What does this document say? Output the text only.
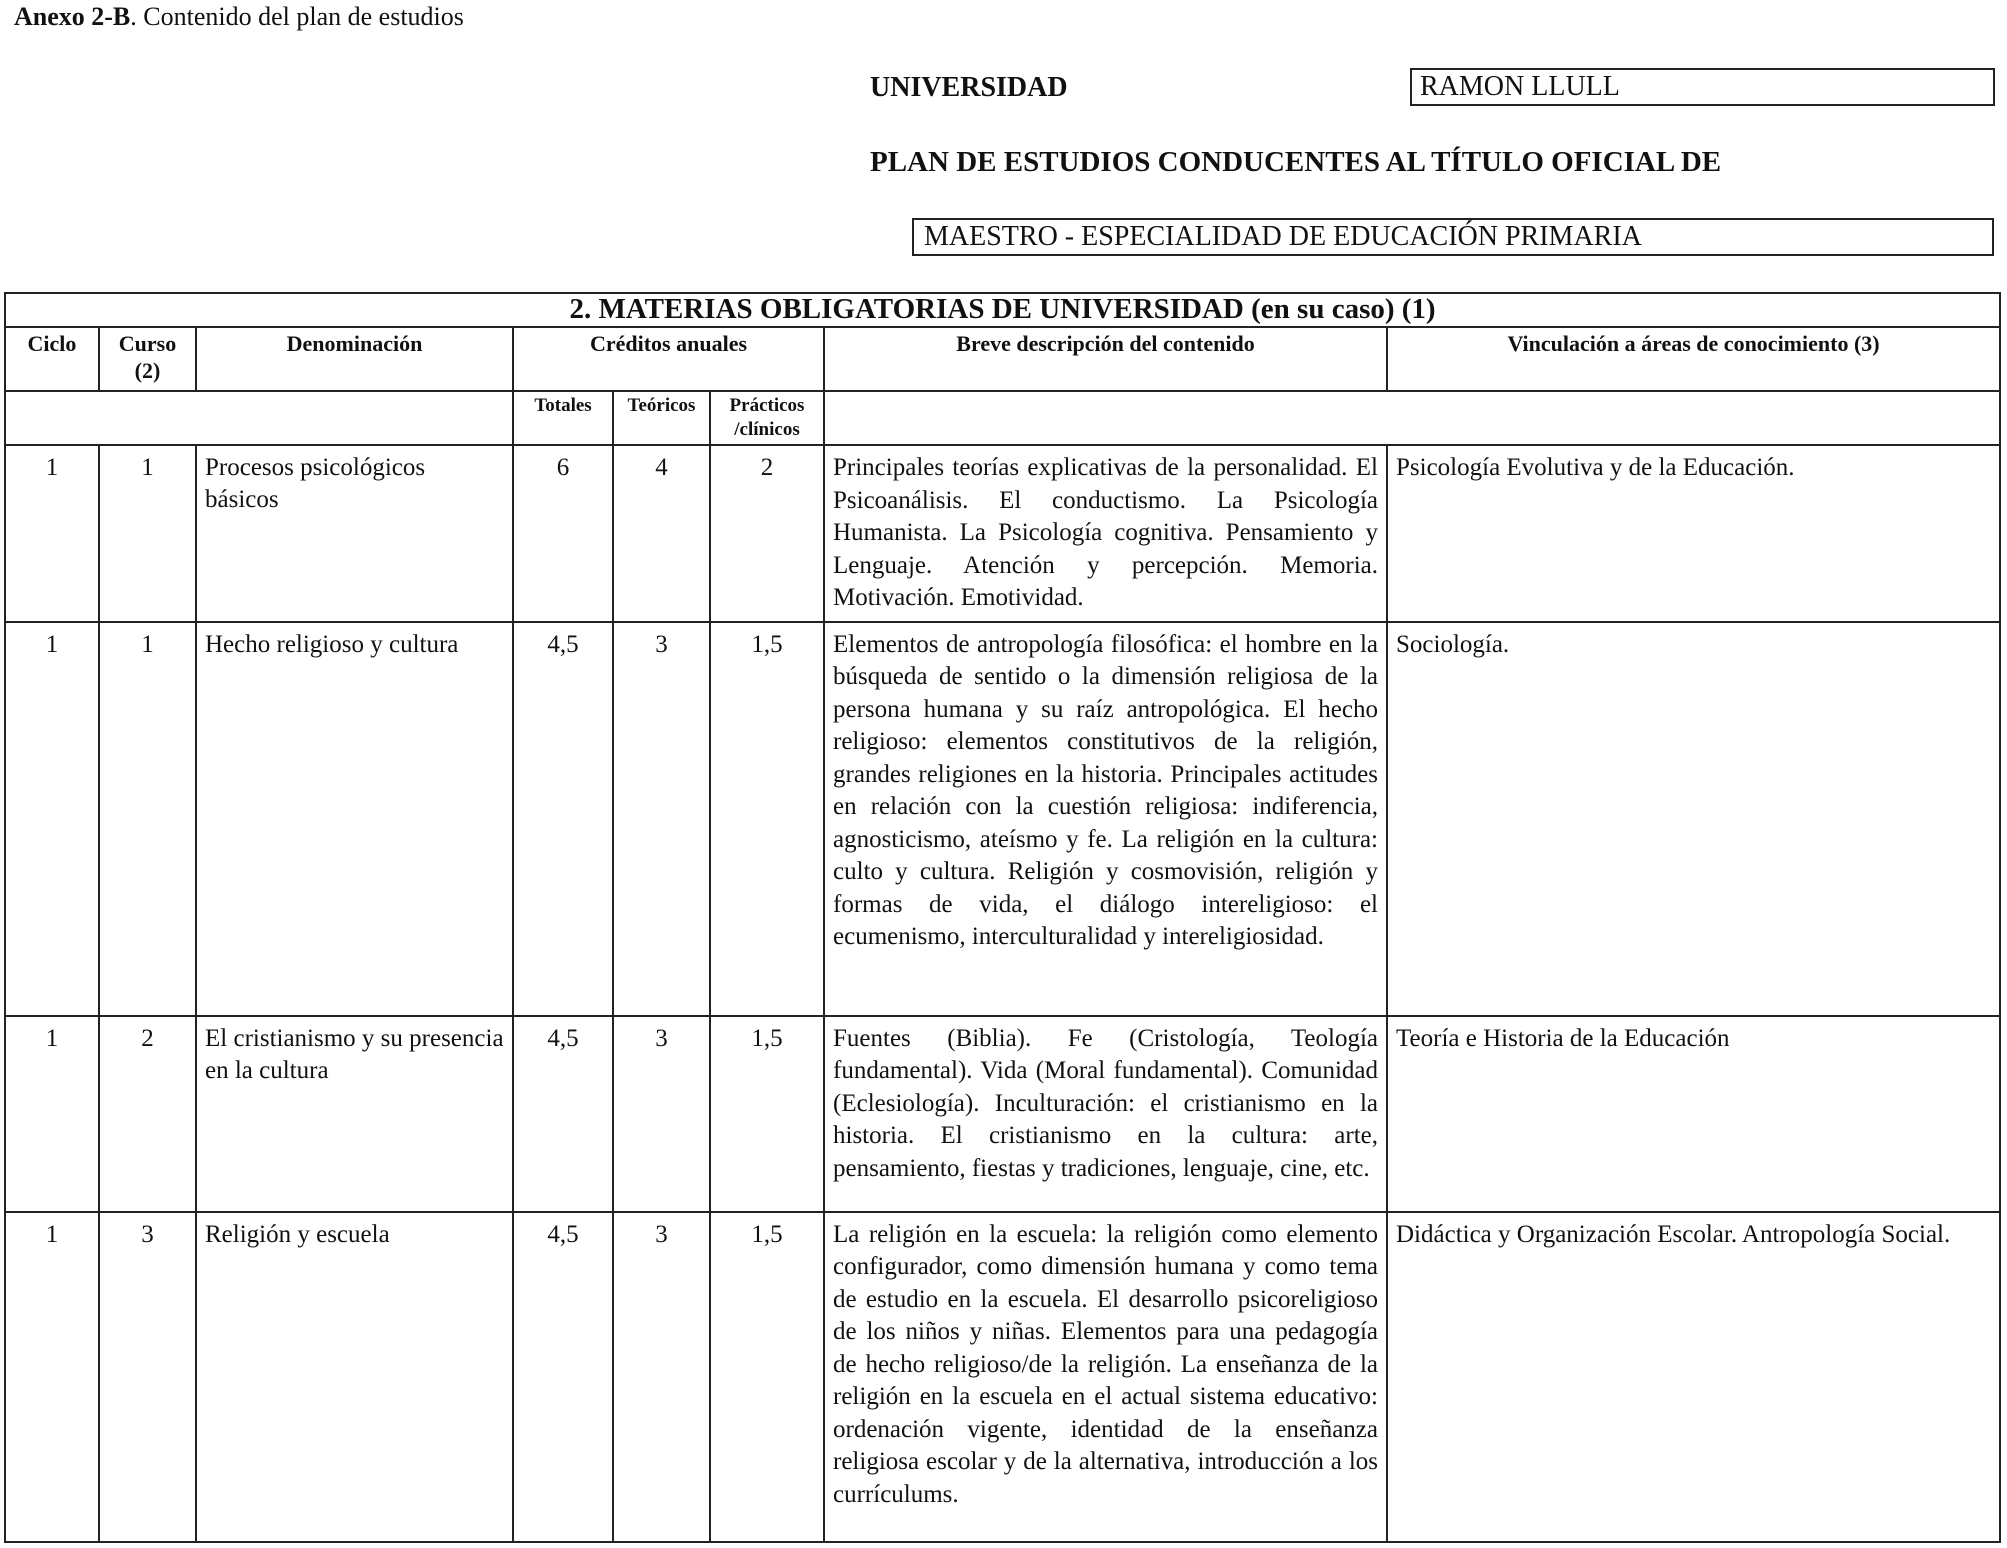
Anexo 2-B. Contenido del plan de estudios
UNIVERSIDAD	RAMON LLULL
PLAN DE ESTUDIOS CONDUCENTES AL TÍTULO OFICIAL DE
MAESTRO - ESPECIALIDAD DE EDUCACIÓN PRIMARIA
2. MATERIAS OBLIGATORIAS DE UNIVERSIDAD (en su caso) (1)							
Ciclo	Curso (2)	Denominación	Créditos anuales			Breve descripción del contenido	Vinculación a áreas de conocimiento (3)
			Totales	Teóricos	Prácticos /clínicos		
1	1	Procesos psicológicos básicos	6	4	2	Principales teorías explicativas de la personalidad. El Psicoanálisis. El conductismo. La Psicología Humanista. La Psicología cognitiva. Pensamiento y Lenguaje. Atención y percepción. Memoria. Motivación. Emotividad.	Psicología Evolutiva y de la Educación.
1	1	Hecho religioso y cultura	4,5	3	1,5	Elementos de antropología filosófica: el hombre en la búsqueda de sentido o la dimensión religiosa de la persona humana y su raíz antropológica. El hecho religioso: elementos constitutivos de la religión, grandes religiones en la historia. Principales actitudes en relación con la cuestión religiosa: indiferencia, agnosticismo, ateísmo y fe. La religión en la cultura: culto y cultura. Religión y cosmovisión, religión y formas de vida, el diálogo intereligioso: el ecumenismo, interculturalidad y intereligiosidad.	Sociología.
1	2	El cristianismo y su presencia en la cultura	4,5	3	1,5	Fuentes (Biblia). Fe (Cristología, Teología fundamental). Vida (Moral fundamental). Comunidad (Eclesiología). Inculturación: el cristianismo en la historia. El cristianismo en la cultura: arte, pensamiento, fiestas y tradiciones, lenguaje, cine, etc.	Teoría e Historia de la Educación
1	3	Religión y escuela	4,5	3	1,5	La religión en la escuela: la religión como elemento configurador, como dimensión humana y como tema de estudio en la escuela. El desarrollo psicoreligioso de los niños y niñas. Elementos para una pedagogía de hecho religioso/de la religión. La enseñanza de la religión en la escuela en el actual sistema educativo: ordenación vigente, identidad de la enseñanza religiosa escolar y de la alternativa, introducción a los currículums.	Didáctica y Organización Escolar. Antropología Social.
